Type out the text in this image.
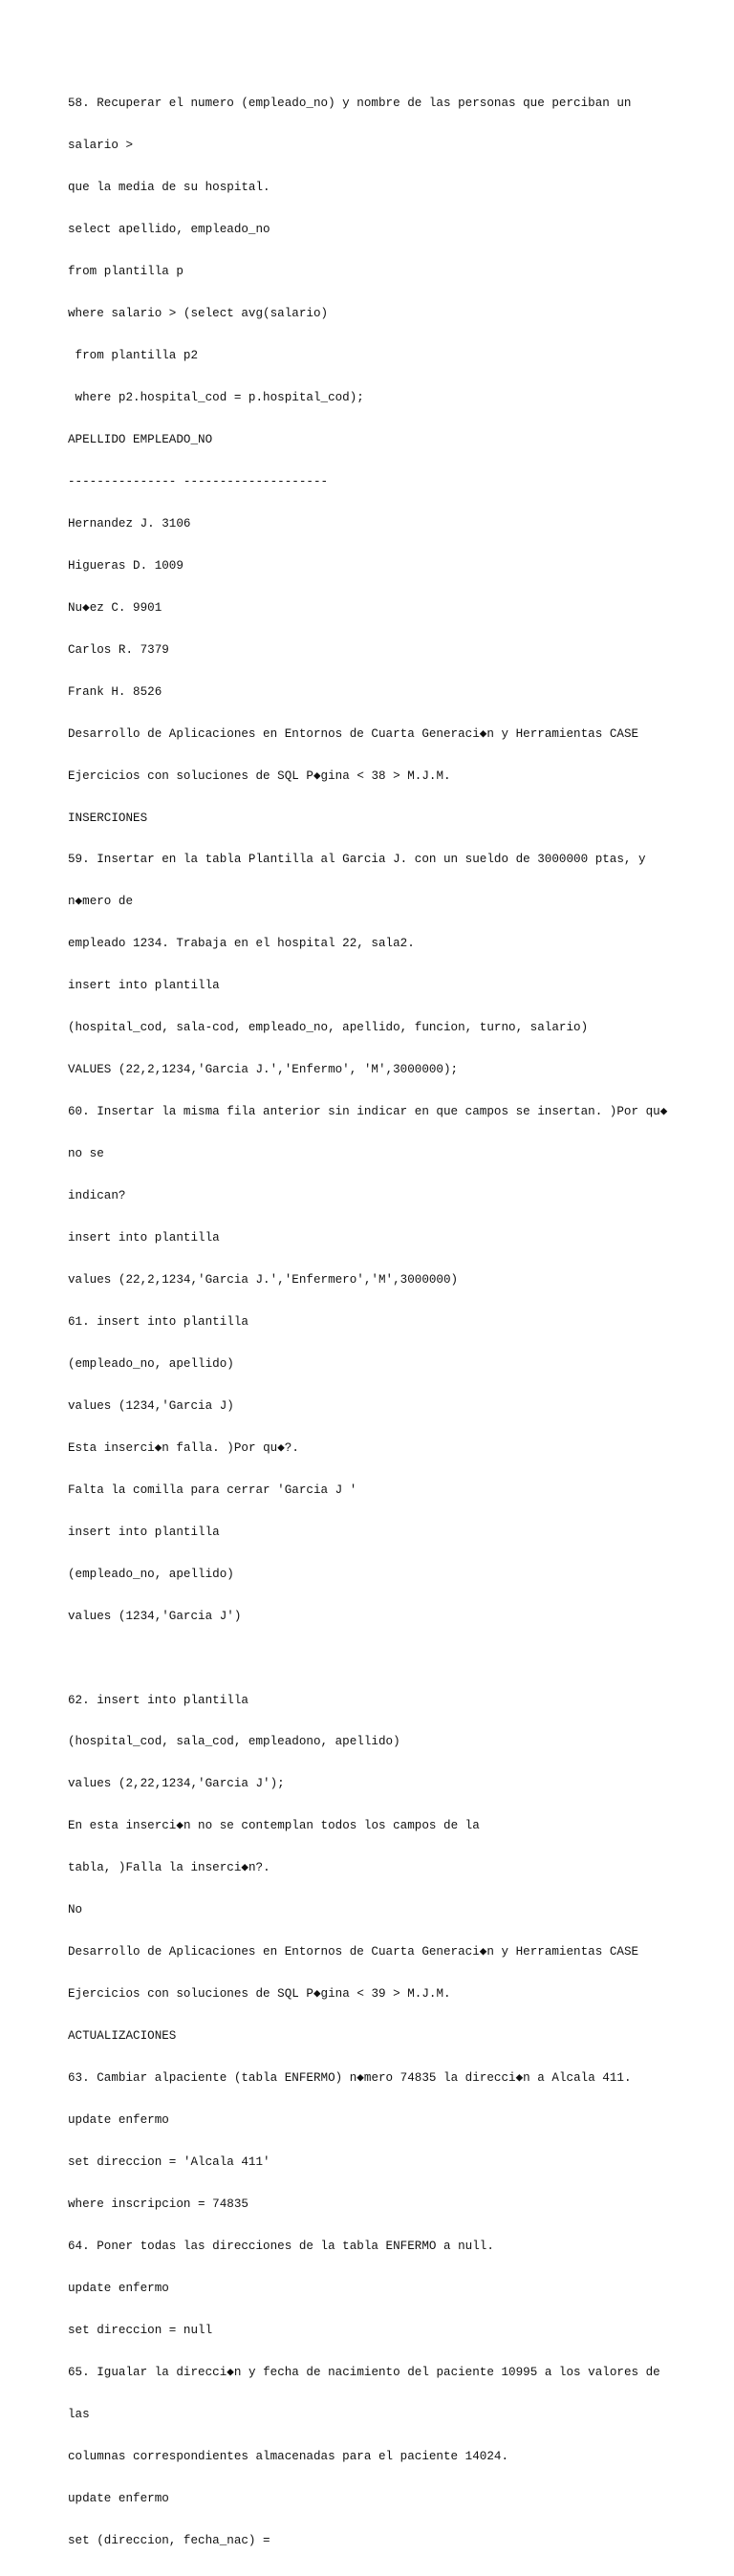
58. Recuperar el numero (empleado_no) y nombre de las personas que perciban un

salario >

que la media de su hospital.

select apellido, empleado_no

from plantilla p

where salario > (select avg(salario)

from plantilla p2

where p2.hospital_cod = p.hospital_cod);

APELLIDO EMPLEADO_NO

--------------- --------------------

Hernandez J. 3106

Higueras D. 1009

Nu◆ez C. 9901

Carlos R. 7379

Frank H. 8526

Desarrollo de Aplicaciones en Entornos de Cuarta Generaci◆n y Herramientas CASE

Ejercicios con soluciones de SQL P◆gina < 38 > M.J.M.

INSERCIONES

59. Insertar en la tabla Plantilla al Garcia J. con un sueldo de 3000000 ptas, y

n◆mero de

empleado 1234. Trabaja en el hospital 22, sala2.

insert into plantilla

(hospital_cod, sala-cod, empleado_no, apellido, funcion, turno, salario)

VALUES (22,2,1234,'Garcia J.','Enfermo', 'M',3000000);

60. Insertar la misma fila anterior sin indicar en que campos se insertan. )Por qu◆

no se

indican?

insert into plantilla

values (22,2,1234,'Garcia J.','Enfermero','M',3000000)

61. insert into plantilla

(empleado_no, apellido)

values (1234,'Garcia J)

Esta inserci◆n falla. )Por qu◆?.

Falta la comilla para cerrar 'Garcia J '

insert into plantilla

(empleado_no, apellido)

values (1234,'Garcia J')

62. insert into plantilla

(hospital_cod, sala_cod, empleadono, apellido)

values (2,22,1234,'Garcia J');

En esta inserci◆n no se contemplan todos los campos de la

tabla, )Falla la inserci◆n?.

No

Desarrollo de Aplicaciones en Entornos de Cuarta Generaci◆n y Herramientas CASE

Ejercicios con soluciones de SQL P◆gina < 39 > M.J.M.

ACTUALIZACIONES

63. Cambiar alpaciente (tabla ENFERMO) n◆mero 74835 la direcci◆n a Alcala 411.

update enfermo

set direccion = 'Alcala 411'

where inscripcion = 74835

64. Poner todas las direcciones de la tabla ENFERMO a null.

update enfermo

set direccion = null

65. Igualar la direcci◆n y fecha de nacimiento del paciente 10995 a los valores de

las

columnas correspondientes almacenadas para el paciente 14024.

update enfermo

set (direccion, fecha_nac) =
